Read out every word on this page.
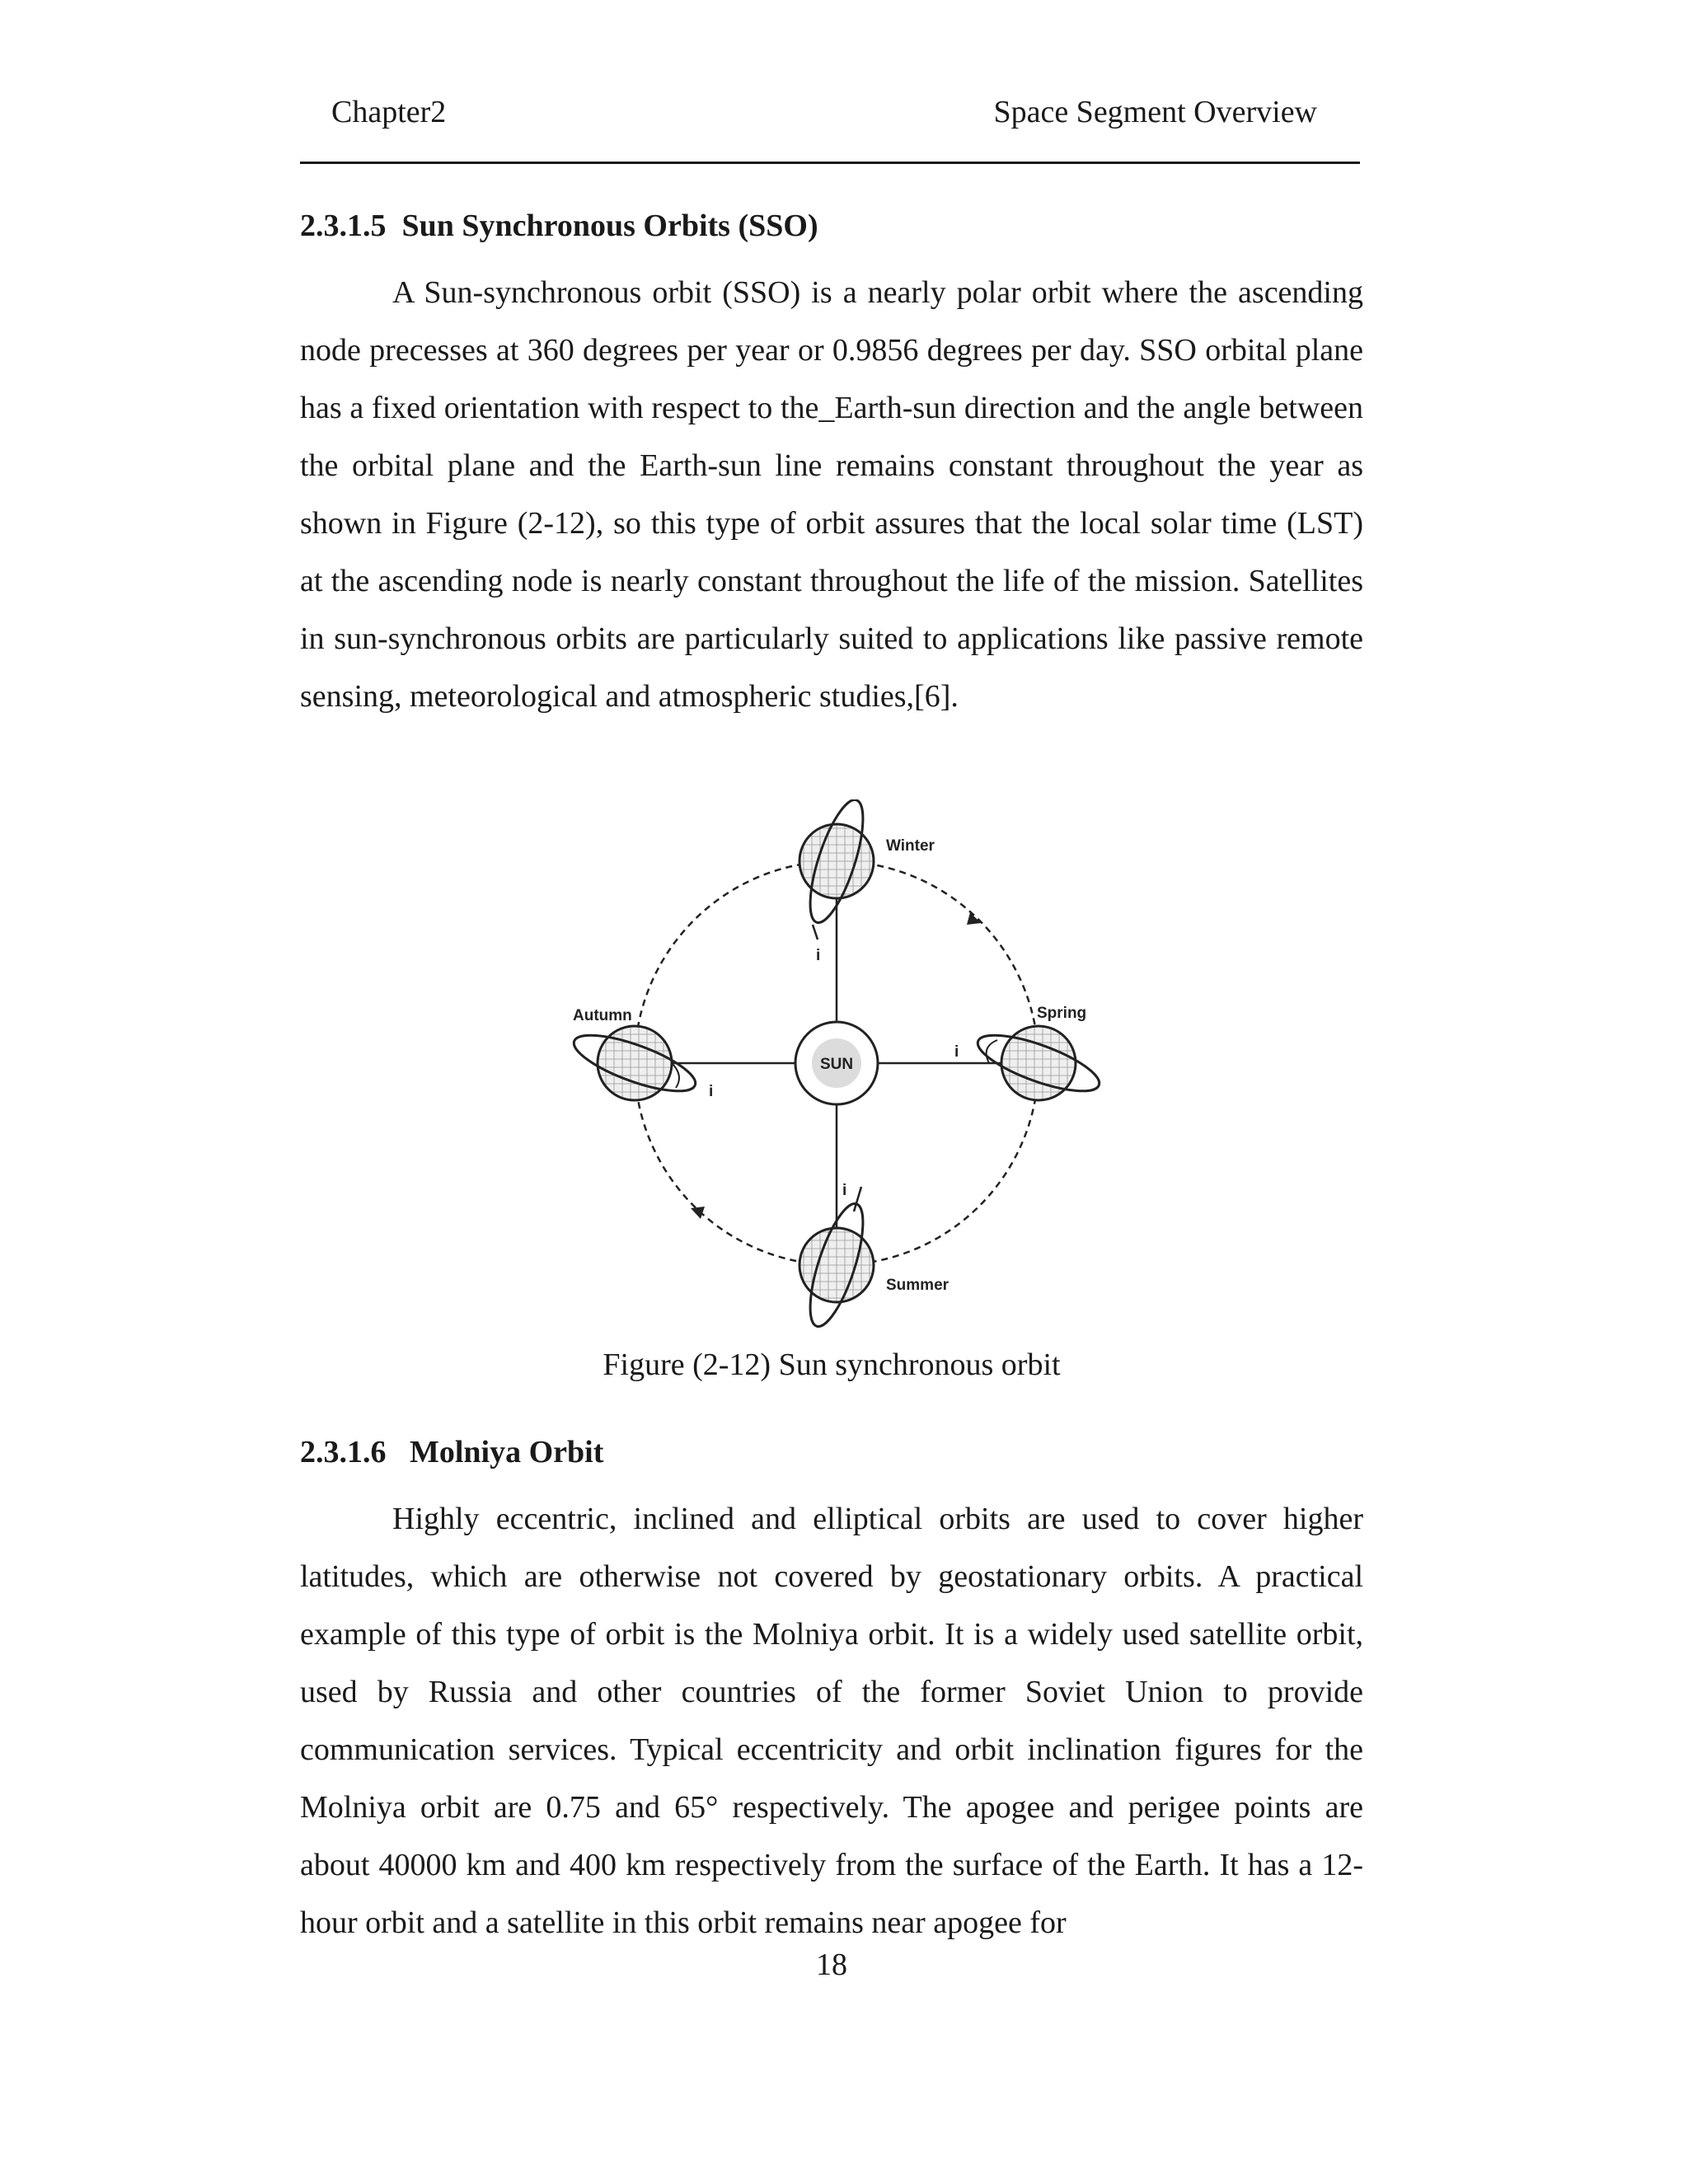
Chapter2	Space Segment Overview
2.3.1.5  Sun Synchronous Orbits (SSO)

A Sun-synchronous orbit (SSO) is a nearly polar orbit where the ascending node precesses at 360 degrees per year or 0.9856 degrees per day. SSO orbital plane has a fixed orientation with respect to the_Earth-sun direction and the angle between the orbital plane and the Earth-sun line remains constant throughout the year as shown in Figure (2-12), so this type of orbit assures that the local solar time (LST) at the ascending node is nearly constant throughout the life of the mission. Satellites in sun-synchronous orbits are particularly suited to applications like passive remote sensing, meteorological and atmospheric studies,[6].

SUN
Winter
i
Spring
i
Summer
i
Autumn
i
Figure (2-12) Sun synchronous orbit
2.3.1.6   Molniya Orbit

Highly eccentric, inclined and elliptical orbits are used to cover higher latitudes, which are otherwise not covered by geostationary orbits. A practical example of this type of orbit is the Molniya orbit. It is a widely used satellite orbit, used by Russia and other countries of the former Soviet Union to provide communication services. Typical eccentricity and orbit inclination figures for the Molniya orbit are 0.75 and 65° respectively. The apogee and perigee points are about 40000 km and 400 km respectively from the surface of the Earth. It has a 12-hour orbit and a satellite in this orbit remains near apogee for

18
